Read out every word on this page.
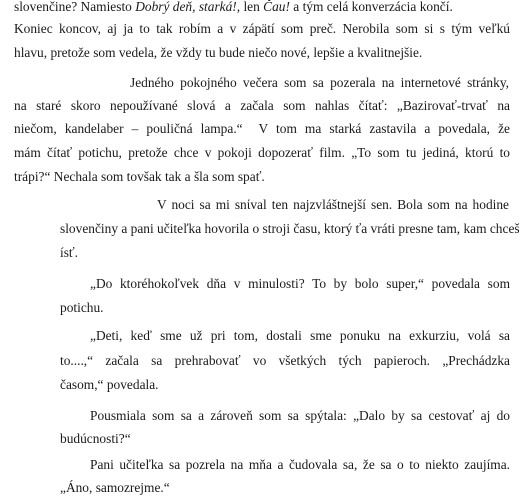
slovenčine? Namiesto Dobrý deň, starká!, len Čau! a tým celá konverzácia končí.
Koniec koncov, aj ja to tak robím a v zápätí som preč. Nerobila som si s tým veľkú
hlavu, pretože som vedela, že vždy tu bude niečo nové, lepšie a kvalitnejšie.
Jedného pokojného večera som sa pozerala na internetové stránky,
na staré skoro nepoužívané slová a začala som nahlas čítať: „Bazirovať-trvať na
niečom, kandelaber – pouličná lampa.“  V tom ma starká zastavila a povedala, že
mám čítať potichu, pretože chce v pokoji dopozerať film. „To som tu jediná, ktorú to
trápi?“ Nechala som tovšak tak a šla som spať.
V noci sa mi snίval ten najzvláštnejší sen. Bola som na hodine
slovenčiny a pani učiteľka hovorila o stroji času, ktorý ťa vráti presne tam, kam chceš
ísť.
„Do ktoréhokoľvek dňa v minulosti? To by bolo super,“ povedala som
potichu.
„Deti, keď sme už pri tom, dostali sme ponuku na exkurziu, volá sa
to....,“  začala  sa  prehrabovať  vo  všetkých  tých  papieroch.  „Prechádzka
časom,“ povedala.
Pousmiala som sa a zároveň som sa spýtala: „Dalo by sa cestovať aj do
budúcnosti?“
Pani učiteľka sa pozrela na mňa a čudovala sa, že sa o to niekto zaujíma.
„Áno, samozrejme.“
